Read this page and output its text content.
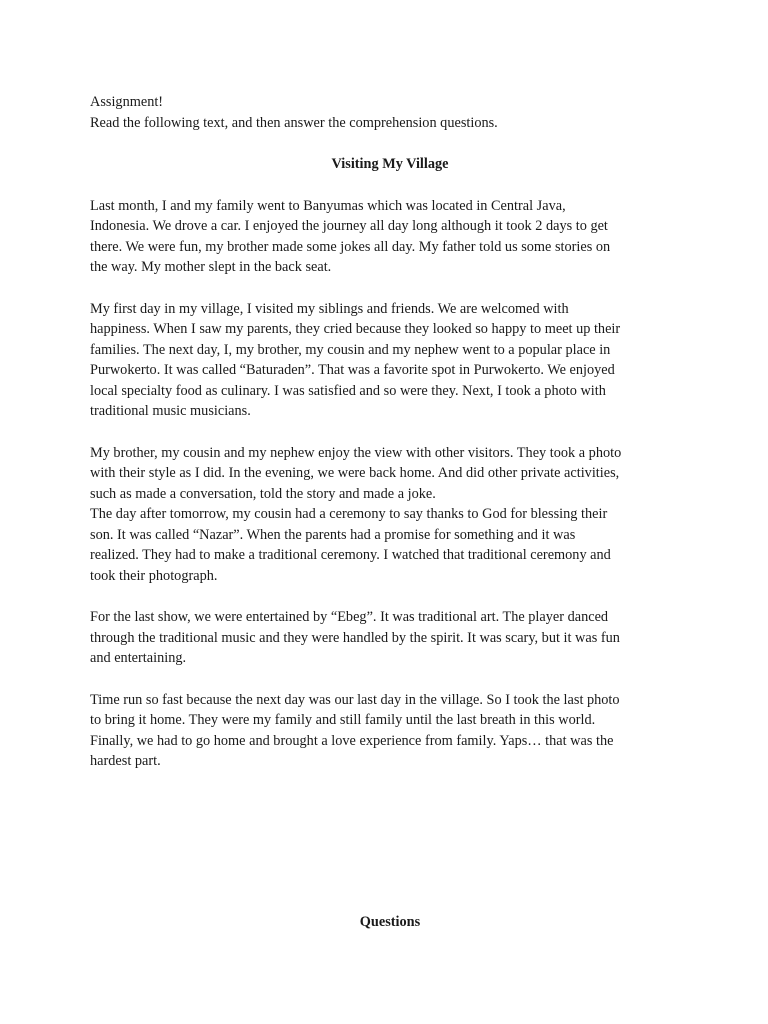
Assignment!
Read the following text, and then answer the comprehension questions.
Visiting My Village
Last month, I and my family went to Banyumas which was located in Central Java,
Indonesia. We drove a car. I enjoyed the journey all day long although it took 2 days to get
there. We were fun, my brother made some jokes all day. My father told us some stories on
the way. My mother slept in the back seat.
My first day in my village, I visited my siblings and friends. We are welcomed with
happiness. When I saw my parents, they cried because they looked so happy to meet up their
families. The next day, I, my brother, my cousin and my nephew went to a popular place in
Purwokerto. It was called “Baturaden”. That was a favorite spot in Purwokerto. We enjoyed
local specialty food as culinary. I was satisfied and so were they. Next, I took a photo with
traditional music musicians.
My brother, my cousin and my nephew enjoy the view with other visitors. They took a photo
with their style as I did. In the evening, we were back home. And did other private activities,
such as made a conversation, told the story and made a joke.
The day after tomorrow, my cousin had a ceremony to say thanks to God for blessing their
son. It was called “Nazar”. When the parents had a promise for something and it was
realized. They had to make a traditional ceremony. I watched that traditional ceremony and
took their photograph.
For the last show, we were entertained by “Ebeg”. It was traditional art. The player danced
through the traditional music and they were handled by the spirit. It was scary, but it was fun
and entertaining.
Time run so fast because the next day was our last day in the village. So I took the last photo
to bring it home. They were my family and still family until the last breath in this world.
Finally, we had to go home and brought a love experience from family. Yaps… that was the
hardest part.
Questions
